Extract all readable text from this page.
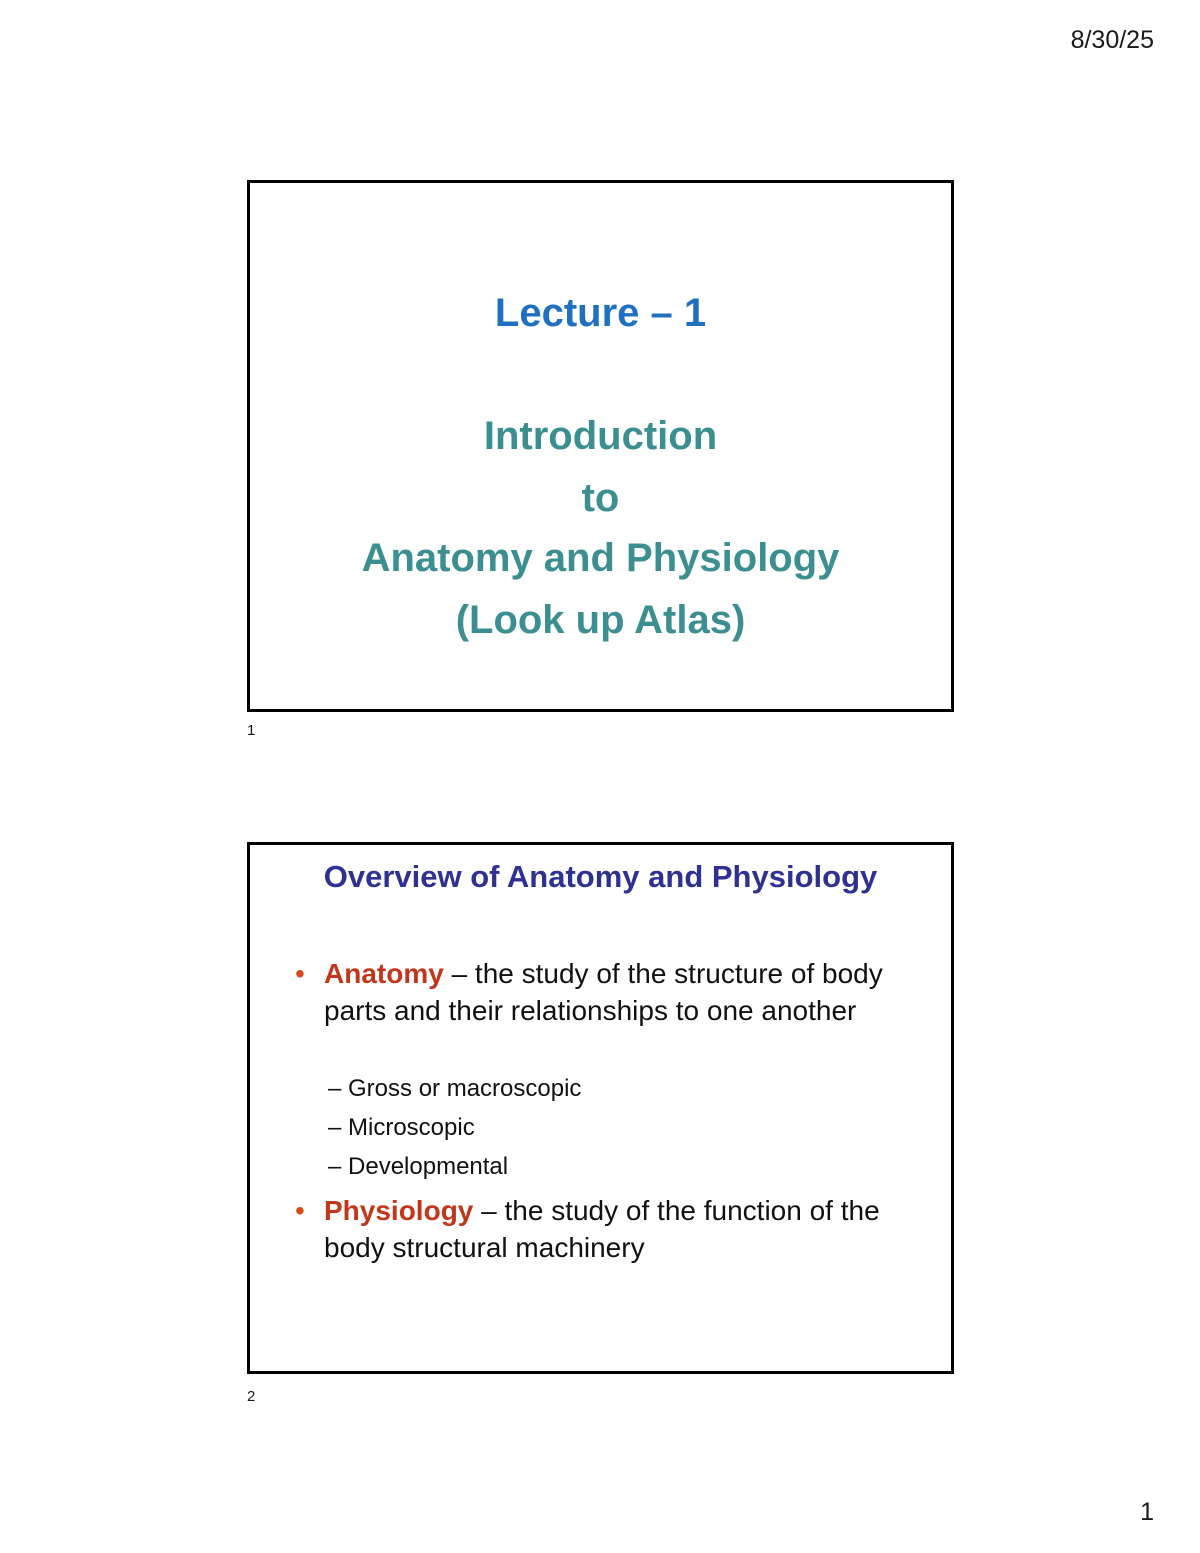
8/30/25
Lecture – 1
Introduction
to
Anatomy and Physiology
(Look up Atlas)
1
Overview of Anatomy and Physiology
• Anatomy – the study of the structure of body parts and their relationships to one another
– Gross or macroscopic
– Microscopic
– Developmental
• Physiology – the study of the function of the body structural machinery
2
1
